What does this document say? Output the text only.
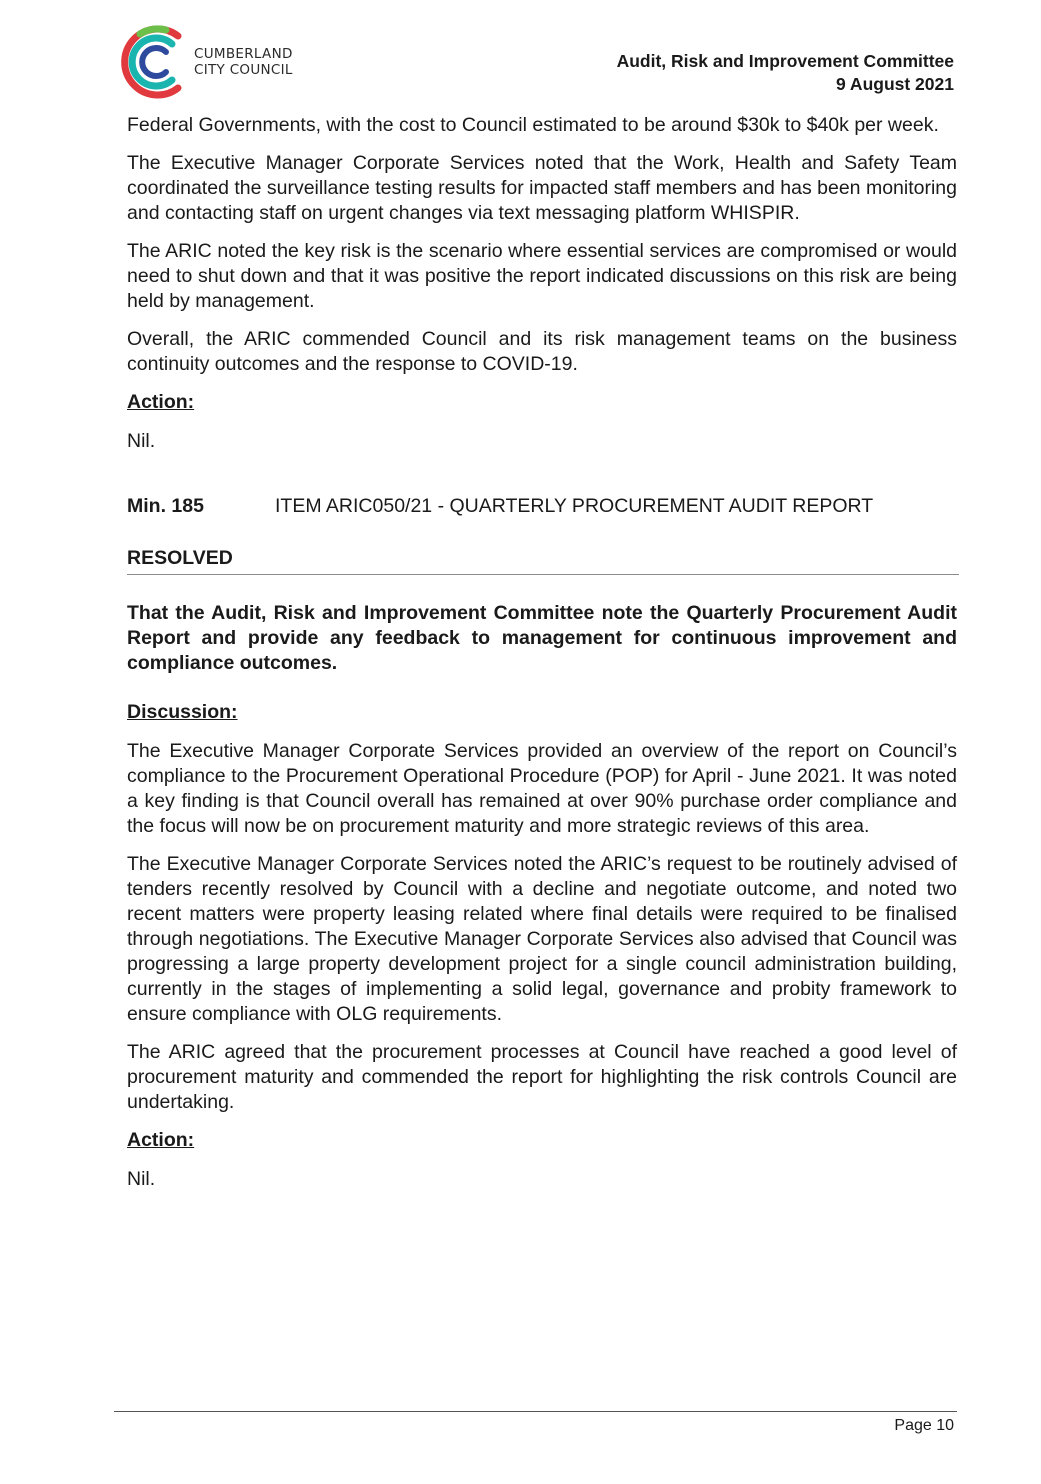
CUMBERLAND
CITY COUNCIL	Audit, Risk and Improvement Committee
9 August 2021

Federal Governments, with the cost to Council estimated to be around $30k to $40k per week.

The Executive Manager Corporate Services noted that the Work, Health and Safety Team coordinated the surveillance testing results for impacted staff members and has been monitoring and contacting staff on urgent changes via text messaging platform WHISPIR.

The ARIC noted the key risk is the scenario where essential services are compromised or would need to shut down and that it was positive the report indicated discussions on this risk are being held by management.

Overall, the ARIC commended Council and its risk management teams on the business continuity outcomes and the response to COVID-19.

Action:

Nil.

Min. 185	ITEM ARIC050/21 - QUARTERLY PROCUREMENT AUDIT REPORT
RESOLVED
That the Audit, Risk and Improvement Committee note the Quarterly Procurement Audit Report and provide any feedback to management for continuous improvement and compliance outcomes.
Discussion:

The Executive Manager Corporate Services provided an overview of the report on Council’s compliance to the Procurement Operational Procedure (POP) for April - June 2021. It was noted a key finding is that Council overall has remained at over 90% purchase order compliance and the focus will now be on procurement maturity and more strategic reviews of this area.

The Executive Manager Corporate Services noted the ARIC’s request to be routinely advised of tenders recently resolved by Council with a decline and negotiate outcome, and noted two recent matters were property leasing related where final details were required to be finalised through negotiations. The Executive Manager Corporate Services also advised that Council was progressing a large property development project for a single council administration building, currently in the stages of implementing a solid legal, governance and probity framework to ensure compliance with OLG requirements.

The ARIC agreed that the procurement processes at Council have reached a good level of procurement maturity and commended the report for highlighting the risk controls Council are undertaking.

Action:

Nil.

Page 10
